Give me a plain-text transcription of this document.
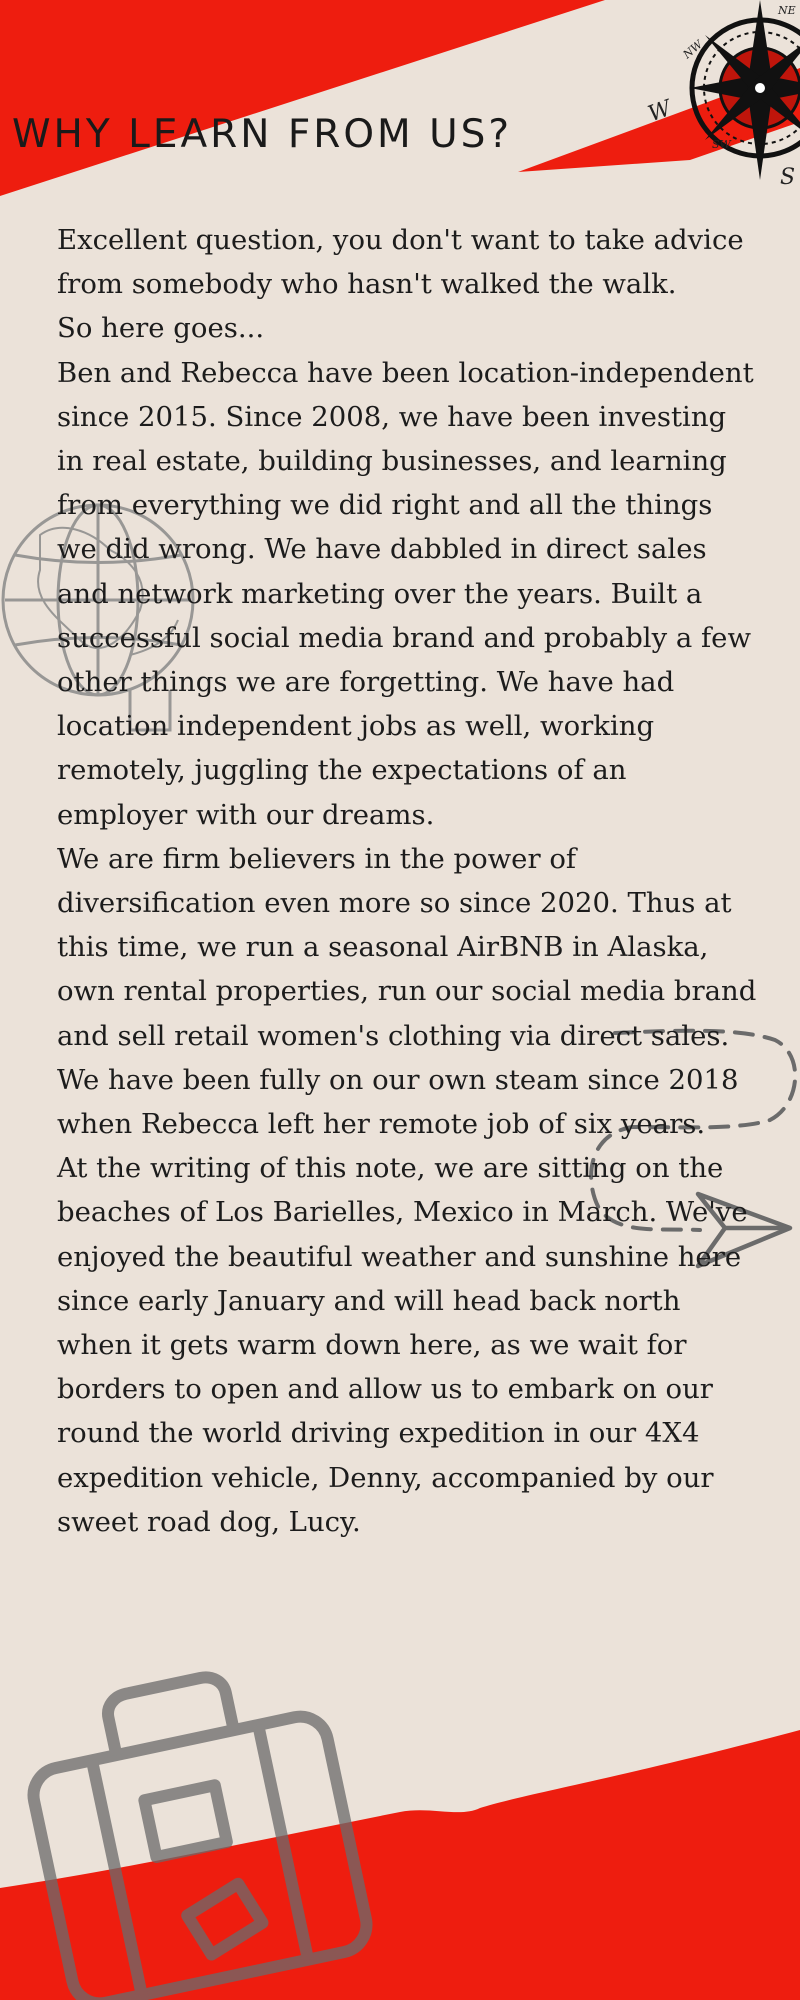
NE
NW
W
SW
S
WHY LEARN FROM US?

Excellent question, you don't want to take advice from somebody who hasn't walked the walk.

So here goes...

Ben and Rebecca have been location-independent since 2015. Since 2008, we have been investing in real estate, building businesses, and learning from everything we did right and all the things we did wrong. We have dabbled in direct sales and network marketing over the years. Built a successful social media brand and probably a few other things we are forgetting. We have had location independent jobs as well, working remotely, juggling the expectations of an employer with our dreams.

We are firm believers in the power of diversification even more so since 2020. Thus at this time, we run a seasonal AirBNB in Alaska, own rental properties, run our social media brand and sell retail women's clothing via direct sales. We have been fully on our own steam since 2018 when Rebecca left her remote job of six years.

At the writing of this note, we are sitting on the beaches of Los Barielles, Mexico in March. We've enjoyed the beautiful weather and sunshine here since early January and will head back north when it gets warm down here, as we wait for borders to open and allow us to embark on our round the world driving expedition in our 4X4 expedition vehicle, Denny, accompanied by our sweet road dog, Lucy.
